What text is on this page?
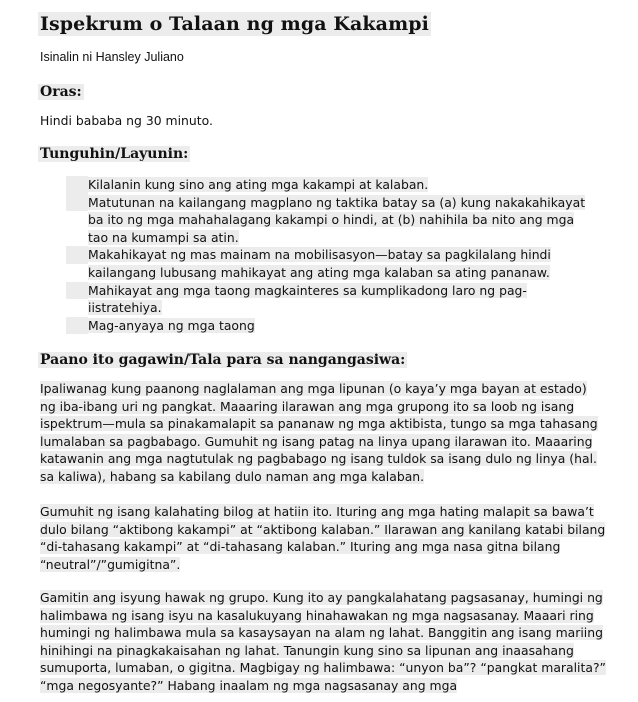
Ispekrum o Talaan ng mga Kakampi
Isinalin ni Hansley Juliano
Oras:

Hindi bababa ng 30 minuto.

Tunguhin/Layunin:
Kilalanin kung sino ang ating mga kakampi at kalaban.
Matutunan na kailangang magplano ng taktika batay sa (a) kung nakakahikayat ba ito ng mga mahahalagang kakampi o hindi, at (b) nahihila ba nito ang mga tao na kumampi sa atin.
Makahikayat ng mas mainam na mobilisasyon—batay sa pagkilalang hindi kailangang lubusang mahikayat ang ating mga kalaban sa ating pananaw.
Mahikayat ang mga taong magkainteres sa kumplikadong laro ng pag-iistratehiya.
Mag-anyaya ng mga taong
Paano ito gagawin/Tala para sa nangangasiwa:

Ipaliwanag kung paanong naglalaman ang mga lipunan (o kaya’y mga bayan at estado) ng iba-ibang uri ng pangkat. Maaaring ilarawan ang mga grupong ito sa loob ng isang ispektrum—mula sa pinakamalapit sa pananaw ng mga aktibista, tungo sa mga tahasang lumalaban sa pagbabago. Gumuhit ng isang patag na linya upang ilarawan ito. Maaaring katawanin ang mga nagtutulak ng pagbabago ng isang tuldok sa isang dulo ng linya (hal. sa kaliwa), habang sa kabilang dulo naman ang mga kalaban.

Gumuhit ng isang kalahating bilog at hatiin ito. Ituring ang mga hating malapit sa bawa’t dulo bilang “aktibong kakampi” at “aktibong kalaban.” Ilarawan ang kanilang katabi bilang “di-tahasang kakampi” at “di-tahasang kalaban.” Ituring ang mga nasa gitna bilang “neutral”/”gumigitna”.

Gamitin ang isyung hawak ng grupo. Kung ito ay pangkalahatang pagsasanay, humingi ng halimbawa ng isang isyu na kasalukuyang hinahawakan ng mga nagsasanay. Maaari ring humingi ng halimbawa mula sa kasaysayan na alam ng lahat. Banggitin ang isang mariing hinihingi na pinagkakaisahan ng lahat. Tanungin kung sino sa lipunan ang inaasahang sumuporta, lumaban, o gigitna. Magbigay ng halimbawa: “unyon ba”? “pangkat maralita?” “mga negosyante?” Habang inaalam ng mga nagsasanay ang mga
